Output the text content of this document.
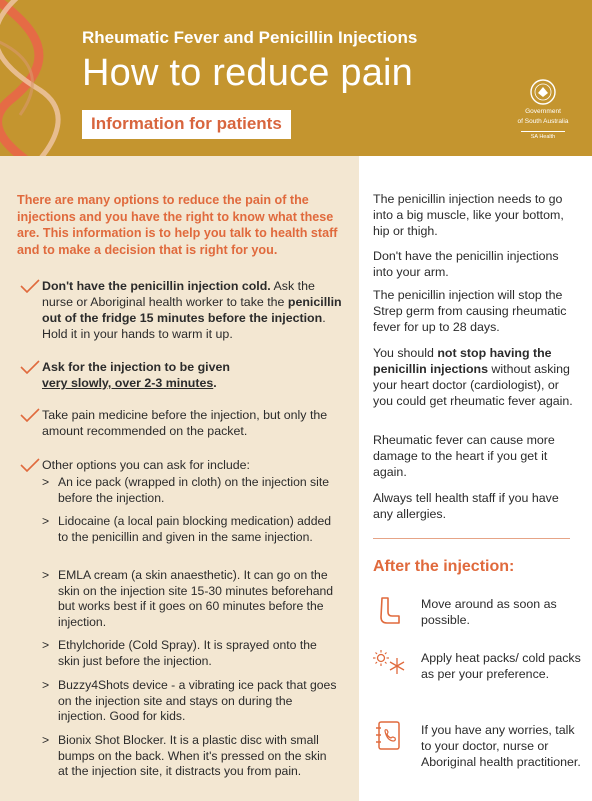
Rheumatic Fever and Penicillin Injections
How to reduce pain
Information for patients
Government
of South Australia
SA Health
There are many options to reduce the pain of the injections and you have the right to know what these are. This information is to help you talk to health staff and to make a decision that is right for you.
Don't have the penicillin injection cold. Ask the nurse or Aboriginal health worker to take the penicillin out of the fridge 15 minutes before the injection. Hold it in your hands to warm it up.
Ask for the injection to be given
very slowly, over 2-3 minutes.
Take pain medicine before the injection, but only the amount recommended on the packet.
Other options you can ask for include:
> An ice pack (wrapped in cloth) on the injection site before the injection.
> Lidocaine (a local pain blocking medication) added to the penicillin and given in the same injection.
> EMLA cream (a skin anaesthetic). It can go on the skin on the injection site 15-30 minutes beforehand but works best if it goes on 60 minutes before the injection.
> Ethylchoride (Cold Spray). It is sprayed onto the skin just before the injection.
> Buzzy4Shots device - a vibrating ice pack that goes on the injection site and stays on during the injection. Good for kids.
> Bionix Shot Blocker. It is a plastic disc with small bumps on the back. When it's pressed on the skin at the injection site, it distracts you from pain.
The penicillin injection needs to go into a big muscle, like your bottom, hip or thigh.
Don't have the penicillin injections into your arm.
The penicillin injection will stop the Strep germ from causing rheumatic fever for up to 28 days.
You should not stop having the penicillin injections without asking your heart doctor (cardiologist), or you could get rheumatic fever again.
Rheumatic fever can cause more damage to the heart if you get it again.
Always tell health staff if you have any allergies.
After the injection:
Move around as soon as possible.
Apply heat packs/ cold packs as per your preference.
If you have any worries, talk to your doctor, nurse or Aboriginal health practitioner.
